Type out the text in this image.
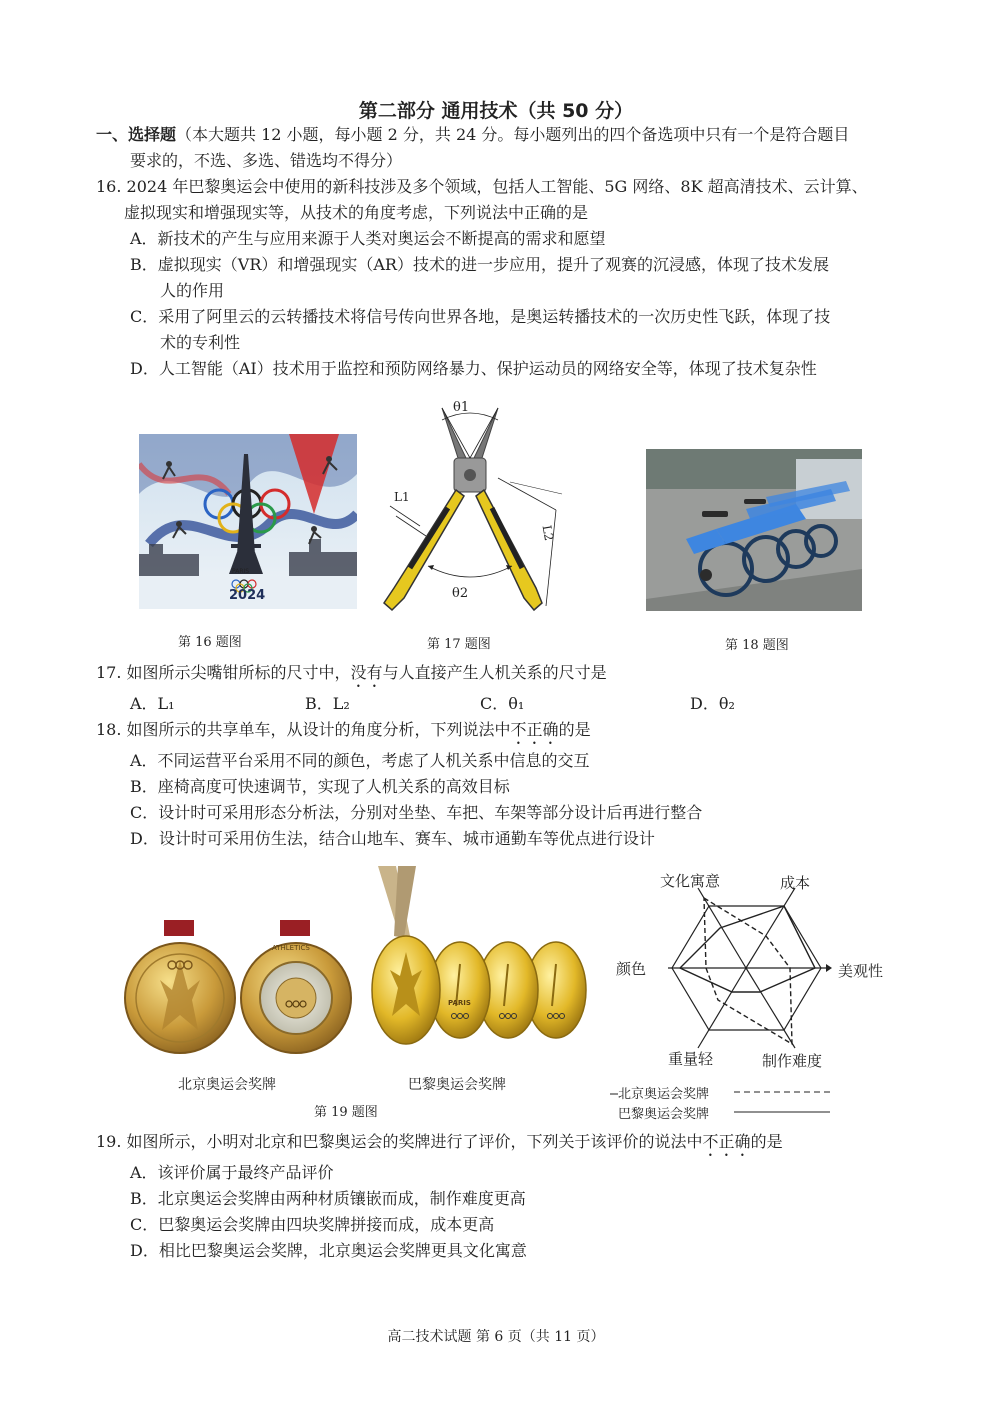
第二部分 通用技术（共 50 分）
一、选择题（本大题共 12 小题，每小题 2 分，共 24 分。每小题列出的四个备选项中只有一个是符合题目
要求的，不选、多选、错选均不得分）
16. 2024 年巴黎奥运会中使用的新科技涉及多个领域，包括人工智能、5G 网络、8K 超高清技术、云计算、
虚拟现实和增强现实等，从技术的角度考虑，下列说法中正确的是
A．新技术的产生与应用来源于人类对奥运会不断提高的需求和愿望
B．虚拟现实（VR）和增强现实（AR）技术的进一步应用，提升了观赛的沉浸感，体现了技术发展
人的作用
C．采用了阿里云的云转播技术将信号传向世界各地，是奥运转播技术的一次历史性飞跃，体现了技
术的专利性
D．人工智能（AI）技术用于监控和预防网络暴力、保护运动员的网络安全等，体现了技术复杂性
PARIS
2024
第 16 题图
θ1
θ2
L1
L2
第 17 题图	第 18 题图
17. 如图所示尖嘴钳所标的尺寸中，没有与人直接产生人机关系的尺寸是
A．L₁	B．L₂	C．θ₁	D．θ₂
18. 如图所示的共享单车，从设计的角度分析，下列说法中不正确的是
A．不同运营平台采用不同的颜色，考虑了人机关系中信息的交互
B．座椅高度可快速调节，实现了人机关系的高效目标
C．设计时可采用形态分析法，分别对坐垫、车把、车架等部分设计后再进行整合
D．设计时可采用仿生法，结合山地车、赛车、城市通勤车等优点进行设计
ATHLETICS
北京奥运会奖牌
PARIS
巴黎奥运会奖牌
第 19 题图
文化寓意	成本
美观性
制作难度
重量轻
颜色
北京奥运会奖牌
巴黎奥运会奖牌
19. 如图所示，小明对北京和巴黎奥运会的奖牌进行了评价，下列关于该评价的说法中不正确的是
A．该评价属于最终产品评价
B．北京奥运会奖牌由两种材质镶嵌而成，制作难度更高
C．巴黎奥运会奖牌由四块奖牌拼接而成，成本更高
D．相比巴黎奥运会奖牌，北京奥运会奖牌更具文化寓意
高二技术试题 第 6 页（共 11 页）
